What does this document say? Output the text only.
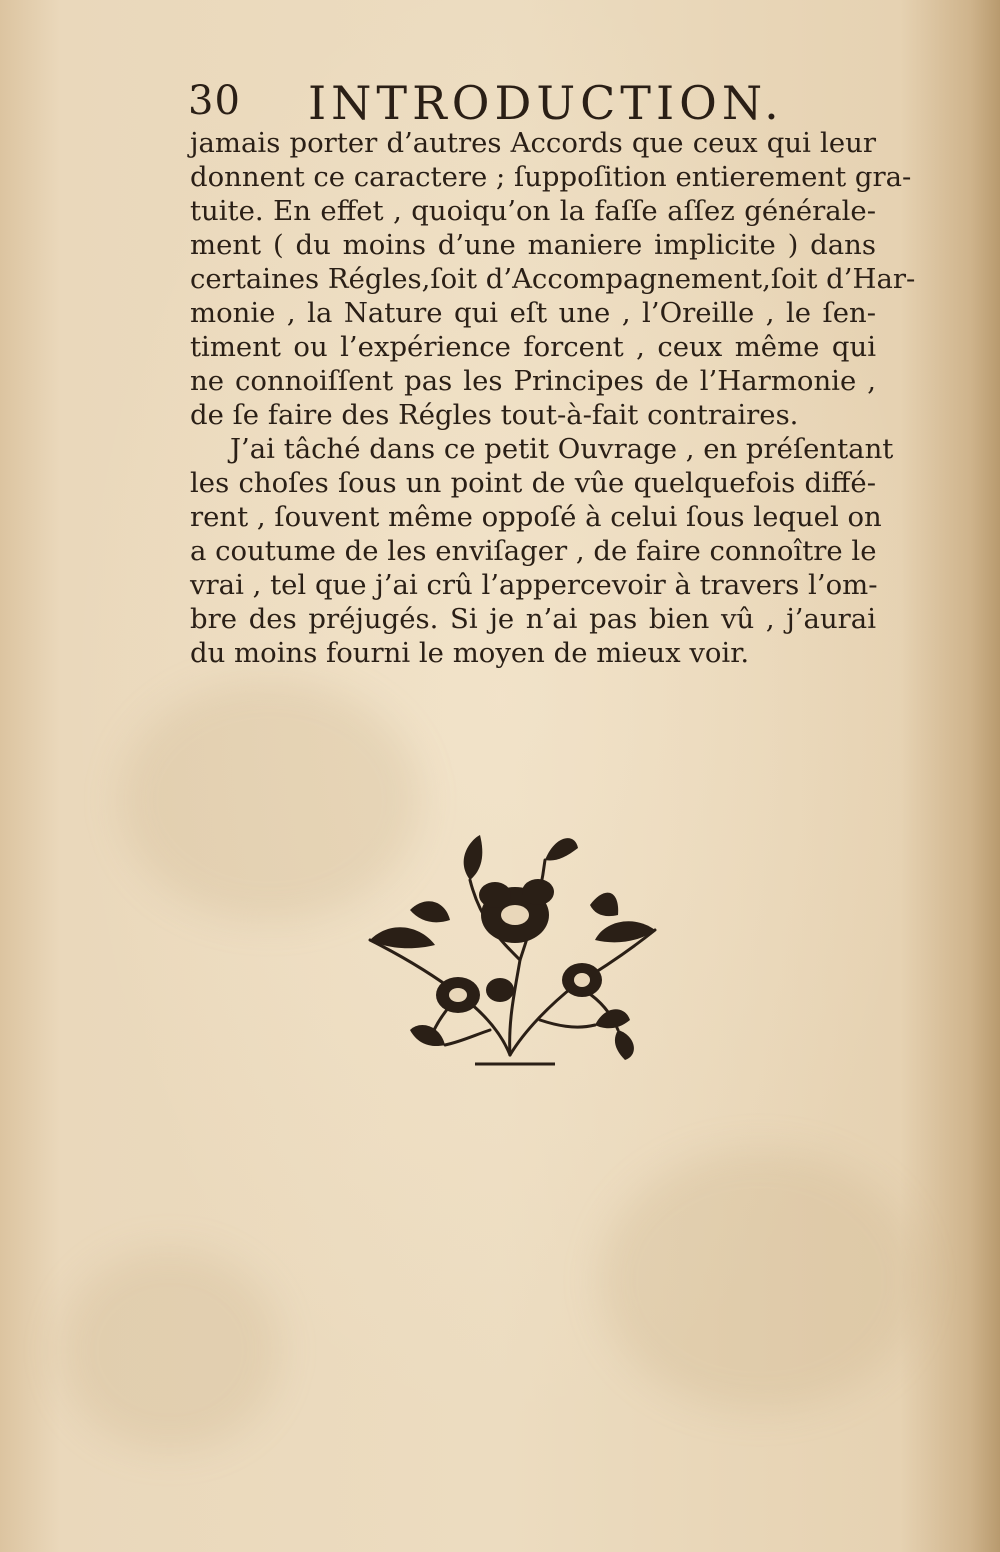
30 INTRODUCTION.
jamais porter d’autres Accords que ceux qui leur
donnent ce caractere ; ſuppoſition entierement gra-
tuite. En effet , quoiqu’on la faſſe aſſez générale-
ment ( du moins d’une maniere implicite ) dans
certaines Régles,ſoit d’Accompagnement,ſoit d’Har-
monie , la Nature qui eſt une , l’Oreille , le ſen-
timent ou l’expérience forcent , ceux même qui
ne connoiſſent pas les Principes de l’Harmonie ,
de ſe faire des Régles tout-à-fait contraires.
J’ai tâché dans ce petit Ouvrage , en préſentant
les choſes ſous un point de vûe quelquefois diffé-
rent , ſouvent même oppoſé à celui ſous lequel on
a coutume de les enviſager , de faire connoître le
vrai , tel que j’ai crû l’appercevoir à travers l’om-
bre des préjugés. Si je n’ai pas bien vû , j’aurai
du moins fourni le moyen de mieux voir.
